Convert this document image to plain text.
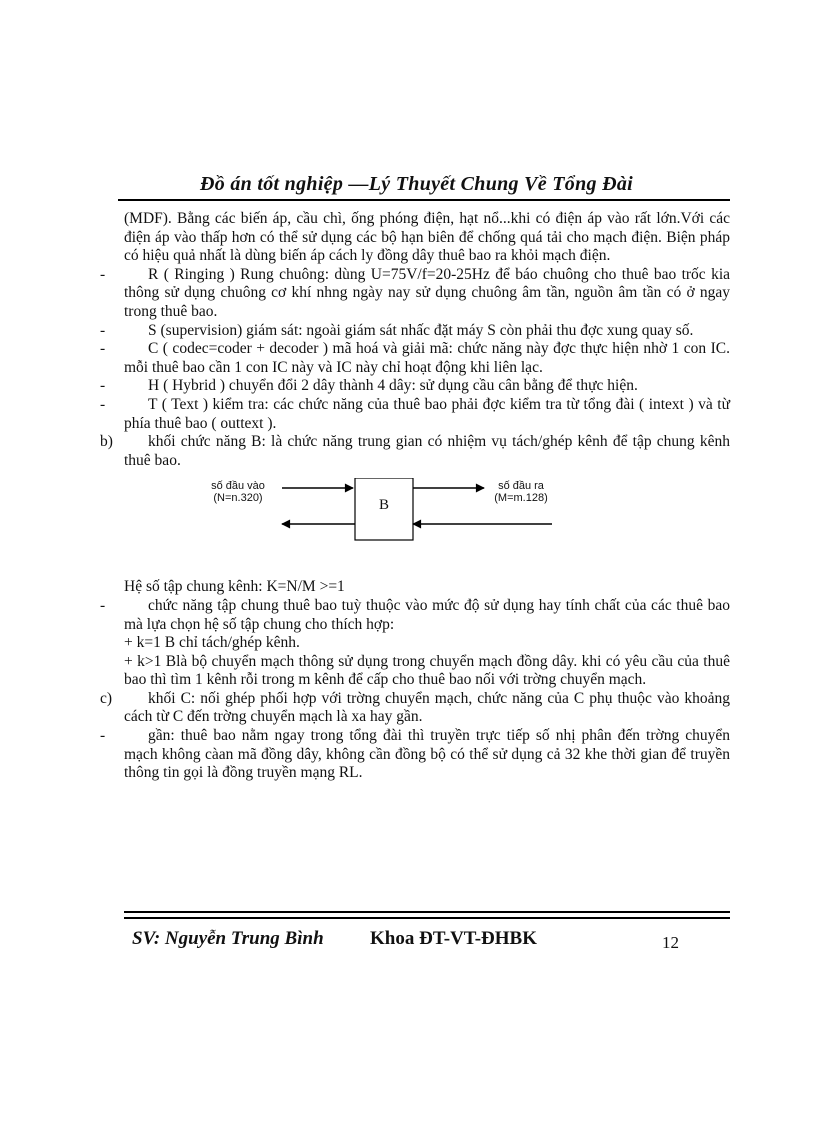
Đồ án tốt nghiệp —Lý Thuyết Chung Về Tổng Đài

(MDF). Bằng các biến áp, cầu chì, ống phóng điện, hạt nổ...khi có điện áp vào rất lớn.Với các điện áp vào thấp hơn có thể sử dụng các bộ hạn biên để chống quá tải cho mạch điện. Biện pháp có hiệu quả nhất là dùng biến áp cách ly đồng dây thuê bao ra khỏi mạch điện.

-	R ( Ringing ) Rung chuông: dùng U=75V/f=20-25Hz để báo chuông cho thuê bao trốc kia thông sử dụng chuông cơ khí nhng ngày nay sử dụng chuông âm tần, nguồn âm tần có ở ngay trong thuê bao.

-	S (supervision) giám sát: ngoài giám sát nhấc đặt máy S còn phải thu đợc xung quay số.

-	C ( codec=coder + decoder ) mã hoá và giải mã: chức năng này đợc thực hiện nhờ 1 con IC. mỗi thuê bao cần 1 con IC này và IC này chỉ hoạt động khi liên lạc.

-	H ( Hybrid ) chuyển đổi 2 dây thành 4 dây: sử dụng cầu cân bằng để thực hiện.

-	T ( Text ) kiểm tra: các chức năng của thuê bao phải đợc kiểm tra từ tổng đài ( intext ) và từ phía thuê bao ( outtext ).

b)	khối chức năng B: là chức năng trung gian có nhiệm vụ tách/ghép kênh để tập chung kênh thuê bao.

số đầu vào
(N=n.320)	B
số đầu ra
(M=m.128)

Hệ số tập chung kênh: K=N/M >=1

-	chức năng tập chung thuê bao tuỳ thuộc vào mức độ sử dụng hay tính chất của các thuê bao mà lựa chọn hệ số tập chung cho thích hợp:

+ k=1 B chỉ tách/ghép kênh.

+ k>1 Blà bộ chuyển mạch thông sử dụng trong chuyển mạch đồng dây. khi có yêu cầu của thuê bao thì tìm 1 kênh rỗi trong m kênh để cấp cho thuê bao nối với trờng chuyển mạch.

c)	khối C: nối ghép phối hợp với trờng chuyển mạch, chức năng của C phụ thuộc vào khoảng cách từ C đến trờng chuyển mạch là xa hay gần.

-	gần: thuê bao nằm ngay trong tổng đài thì truyền trực tiếp số nhị phân đến trờng chuyển mạch không càan mã đồng dây, không cần đồng bộ có thể sử dụng cả 32 khe thời gian để truyền thông tin gọi là đồng truyền mạng RL.

SV: Nguyễn Trung Bình Khoa ĐT-VT-ĐHBK	12
